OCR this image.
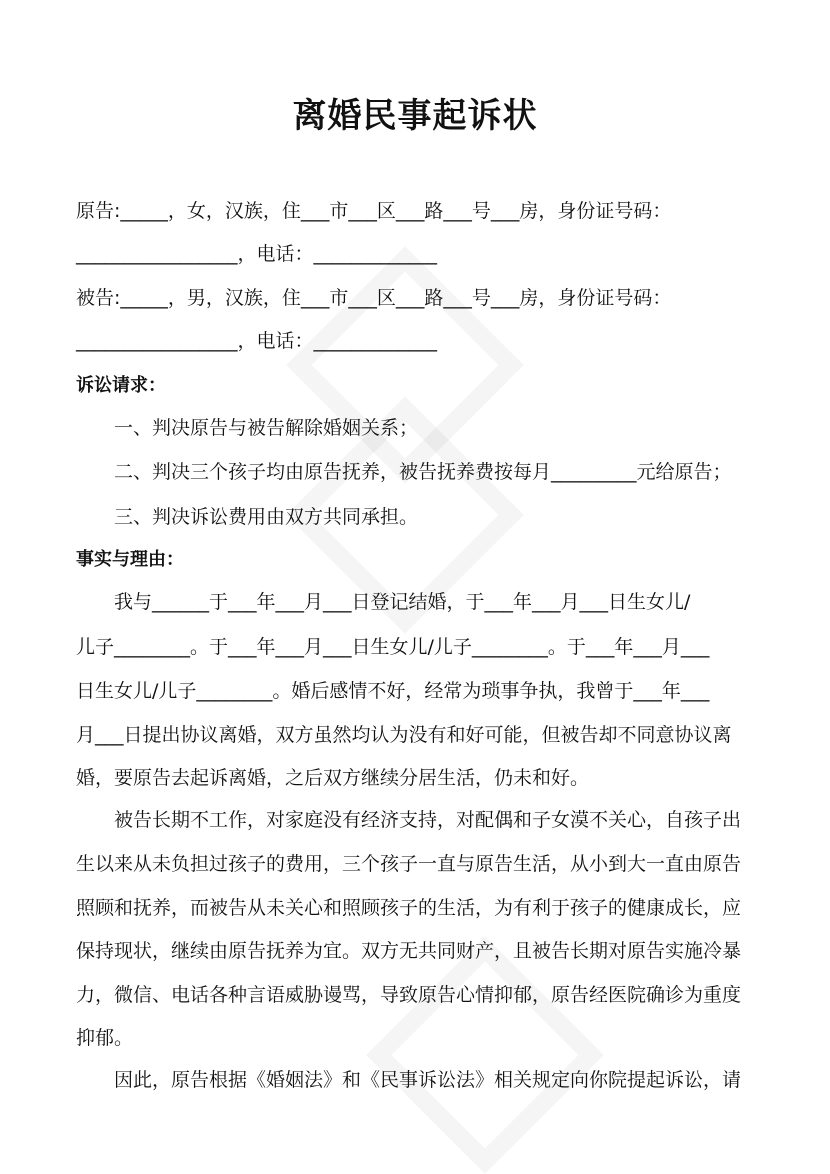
离婚民事起诉状
原告:_____，女，汉族，住___市___区___路___号___房，身份证号码：
_________________，电话：_____________
被告:_____，男，汉族，住___市___区___路___号___房，身份证号码：
_________________，电话：_____________
诉讼请求：
一、判决原告与被告解除婚姻关系；
二、判决三个孩子均由原告抚养，被告抚养费按每月_________元给原告；
三、判决诉讼费用由双方共同承担。
事实与理由：
我与______于___年___月___日登记结婚，于___年___月___日生女儿/
儿子________。于___年___月___日生女儿/儿子________。于___年___月___
日生女儿/儿子________。婚后感情不好，经常为琐事争执，我曾于___年___
月___日提出协议离婚，双方虽然均认为没有和好可能，但被告却不同意协议离
婚，要原告去起诉离婚，之后双方继续分居生活，仍未和好。
被告长期不工作，对家庭没有经济支持，对配偶和子女漠不关心，自孩子出
生以来从未负担过孩子的费用，三个孩子一直与原告生活，从小到大一直由原告
照顾和抚养，而被告从未关心和照顾孩子的生活，为有利于孩子的健康成长，应
保持现状，继续由原告抚养为宜。双方无共同财产，且被告长期对原告实施冷暴
力，微信、电话各种言语威胁谩骂，导致原告心情抑郁，原告经医院确诊为重度
抑郁。
因此，原告根据《婚姻法》和《民事诉讼法》相关规定向你院提起诉讼，请
